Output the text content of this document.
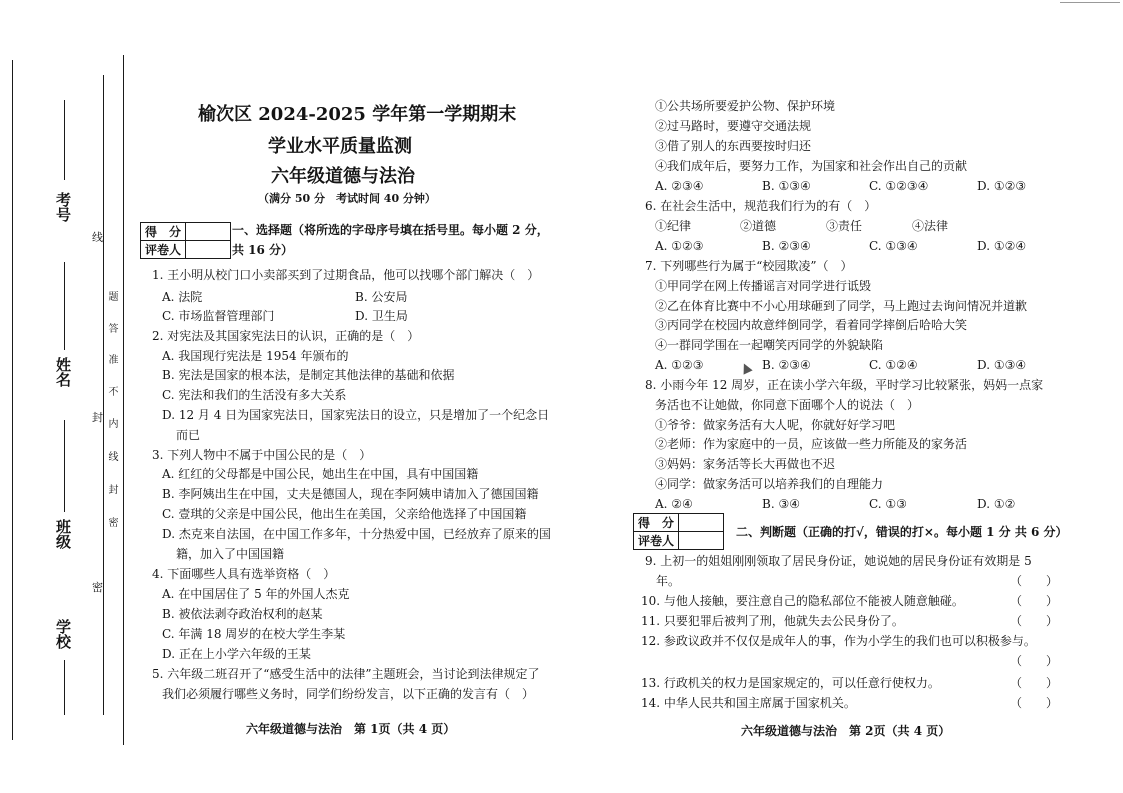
考号
姓名
班级
学校
线
封
密
题
答
准
不
内
线
封
密
榆次区 2024-2025 学年第一学期期末
学业水平质量监测
六年级道德与法治
（满分 50 分　考试时间 40 分钟）
得　分	
评卷人	
一、选择题（将所选的字母序号填在括号里。每小题 2 分，
共 16 分）
1. 王小明从校门口小卖部买到了过期食品，他可以找哪个部门解决（　）
A. 法院	B. 公安局
C. 市场监督管理部门	D. 卫生局
2. 对宪法及其国家宪法日的认识，正确的是（　）
A. 我国现行宪法是 1954 年颁布的
B. 宪法是国家的根本法，是制定其他法律的基础和依据
C. 宪法和我们的生活没有多大关系
D. 12 月 4 日为国家宪法日，国家宪法日的设立，只是增加了一个纪念日
而已
3. 下列人物中不属于中国公民的是（　）
A. 红红的父母都是中国公民，她出生在中国，具有中国国籍
B. 李阿姨出生在中国，丈夫是德国人，现在李阿姨申请加入了德国国籍
C. 壹琪的父亲是中国公民，他出生在美国，父亲给他选择了中国国籍
D. 杰克来自法国，在中国工作多年，十分热爱中国，已经放弃了原来的国
籍，加入了中国国籍
4. 下面哪些人具有选举资格（　）
A. 在中国居住了 5 年的外国人杰克
B. 被依法剥夺政治权利的赵某
C. 年满 18 周岁的在校大学生李某
D. 正在上小学六年级的王某
5. 六年级二班召开了“感受生活中的法律”主题班会，当讨论到法律规定了
我们必须履行哪些义务时，同学们纷纷发言，以下正确的发言有（　）
六年级道德与法治　第 1页（共 4 页）
①公共场所要爱护公物、保护环境
②过马路时，要遵守交通法规
③借了别人的东西要按时归还
④我们成年后，要努力工作，为国家和社会作出自己的贡献
A. ②③④	B. ①③④	C. ①②③④	D. ①②③
6. 在社会生活中，规范我们行为的有（　）
①纪律	②道德	③责任	④法律
A. ①②③	B. ②③④	C. ①③④	D. ①②④
7. 下列哪些行为属于“校园欺凌”（　）
①甲同学在网上传播谣言对同学进行诋毁
②乙在体育比赛中不小心用球砸到了同学，马上跑过去询问情况并道歉
③丙同学在校园内故意绊倒同学，看着同学摔倒后哈哈大笑
④一群同学围在一起嘲笑丙同学的外貌缺陷
A. ①②③	B. ②③④	C. ①②④	D. ①③④
8. 小雨今年 12 周岁，正在读小学六年级，平时学习比较紧张，妈妈一点家
务活也不让她做，你同意下面哪个人的说法（　）
①爷爷：做家务活有大人呢，你就好好学习吧
②老师：作为家庭中的一员，应该做一些力所能及的家务活
③妈妈：家务活等长大再做也不迟
④同学：做家务活可以培养我们的自理能力
A. ②④	B. ③④	C. ①③	D. ①②
得　分	
评卷人	
二、判断题（正确的打√，错误的打×。每小题 1 分 共 6 分）
9. 上初一的姐姐刚刚领取了居民身份证，她说她的居民身份证有效期是 5
年。	（　　）
10. 与他人接触，要注意自己的隐私部位不能被人随意触碰。	（　　）
11. 只要犯罪后被判了刑，他就失去公民身份了。	（　　）
12. 参政议政并不仅仅是成年人的事，作为小学生的我们也可以积极参与。
（　　）
13. 行政机关的权力是国家规定的，可以任意行使权力。	（　　）
14. 中华人民共和国主席属于国家机关。	（　　）
六年级道德与法治　第 2页（共 4 页）
